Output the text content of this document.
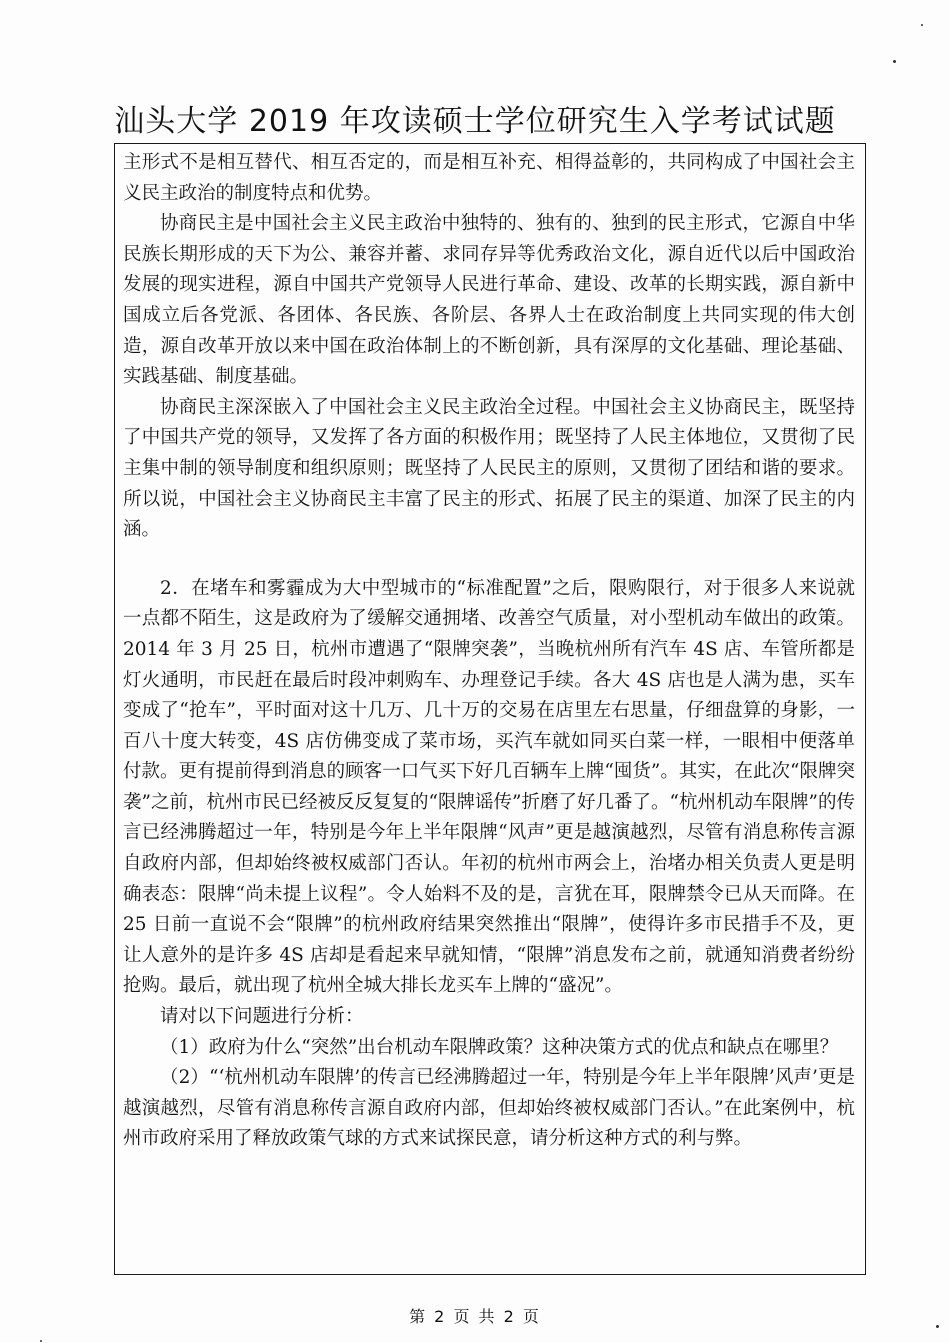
汕头大学 2019 年攻读硕士学位研究生入学考试试题

主形式不是相互替代、相互否定的，而是相互补充、相得益彰的，共同构成了中国社会主义民主政治的制度特点和优势。

协商民主是中国社会主义民主政治中独特的、独有的、独到的民主形式，它源自中华民族长期形成的天下为公、兼容并蓄、求同存异等优秀政治文化，源自近代以后中国政治发展的现实进程，源自中国共产党领导人民进行革命、建设、改革的长期实践，源自新中国成立后各党派、各团体、各民族、各阶层、各界人士在政治制度上共同实现的伟大创造，源自改革开放以来中国在政治体制上的不断创新，具有深厚的文化基础、理论基础、实践基础、制度基础。

协商民主深深嵌入了中国社会主义民主政治全过程。中国社会主义协商民主，既坚持了中国共产党的领导，又发挥了各方面的积极作用；既坚持了人民主体地位，又贯彻了民主集中制的领导制度和组织原则；既坚持了人民民主的原则，又贯彻了团结和谐的要求。所以说，中国社会主义协商民主丰富了民主的形式、拓展了民主的渠道、加深了民主的内涵。

2．在堵车和雾霾成为大中型城市的“标准配置”之后，限购限行，对于很多人来说就一点都不陌生，这是政府为了缓解交通拥堵、改善空气质量，对小型机动车做出的政策。2014 年 3 月 25 日，杭州市遭遇了“限牌突袭”，当晚杭州所有汽车 4S 店、车管所都是灯火通明，市民赶在最后时段冲刺购车、办理登记手续。各大 4S 店也是人满为患，买车变成了“抢车”，平时面对这十几万、几十万的交易在店里左右思量，仔细盘算的身影，一百八十度大转变，4S 店仿佛变成了菜市场，买汽车就如同买白菜一样，一眼相中便落单付款。更有提前得到消息的顾客一口气买下好几百辆车上牌“囤货”。其实，在此次“限牌突袭”之前，杭州市民已经被反反复复的“限牌谣传”折磨了好几番了。“杭州机动车限牌”的传言已经沸腾超过一年，特别是今年上半年限牌“风声”更是越演越烈，尽管有消息称传言源自政府内部，但却始终被权威部门否认。年初的杭州市两会上，治堵办相关负责人更是明确表态：限牌“尚未提上议程”。令人始料不及的是，言犹在耳，限牌禁令已从天而降。在 25 日前一直说不会“限牌”的杭州政府结果突然推出“限牌”，使得许多市民措手不及，更让人意外的是许多 4S 店却是看起来早就知情，“限牌”消息发布之前，就通知消费者纷纷抢购。最后，就出现了杭州全城大排长龙买车上牌的“盛况”。

请对以下问题进行分析：

（1）政府为什么“突然”出台机动车限牌政策？这种决策方式的优点和缺点在哪里？

（2）“‘杭州机动车限牌’的传言已经沸腾超过一年，特别是今年上半年限牌’风声’更是越演越烈，尽管有消息称传言源自政府内部，但却始终被权威部门否认。”在此案例中，杭州市政府采用了释放政策气球的方式来试探民意，请分析这种方式的利与弊。

第 2 页 共 2 页
